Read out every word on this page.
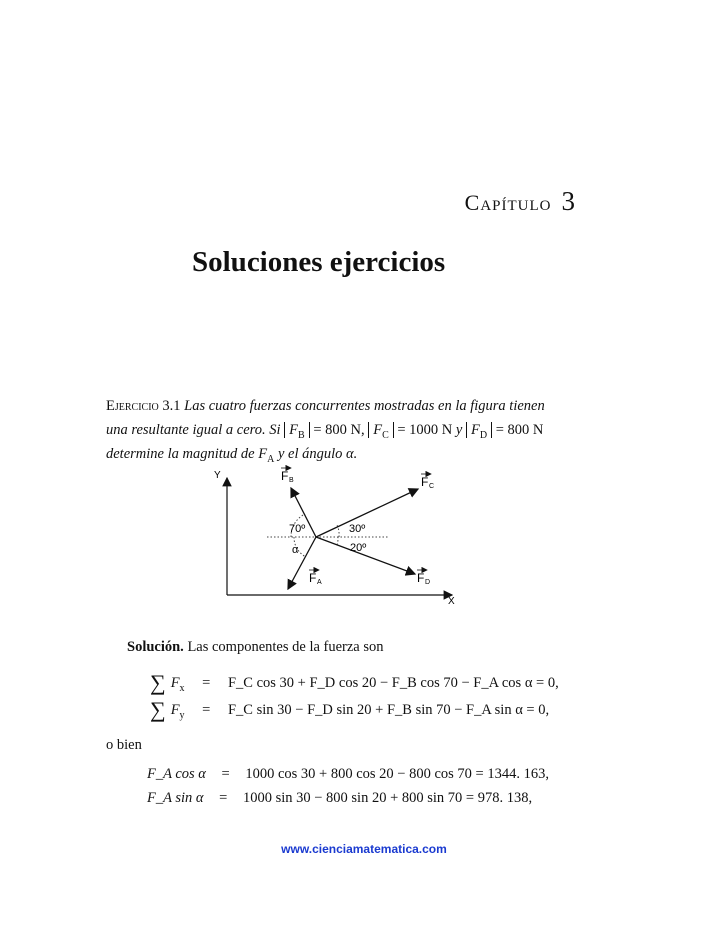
Capítulo 3
Soluciones ejercicios
Ejercicio 3.1 Las cuatro fuerzas concurrentes mostradas en la figura tienen
una resultante igual a cero. Si $F_B = 800$ N, $F_C = 1000$ N y $F_D = 800$ N
determine la magnitud de $F_A$ y el ángulo α.
Y
X
F B	F C
F A	F D
70º	30º
20º
α
Solución. Las componentes de la fuerza son
∑ $F_x$ = F_C cos 30 + F_D cos 20 − F_B cos 70 − F_A cos α = 0,
∑ $F_y$ = F_C sin 30 − F_D sin 20 + F_B sin 70 − F_A sin α = 0,
o bien
F_A cos α = 1000 cos 30 + 800 cos 20 − 800 cos 70 = 1344. 163,
F_A sin α = 1000 sin 30 − 800 sin 20 + 800 sin 70 = 978. 138,
www.cienciamatematica.com
